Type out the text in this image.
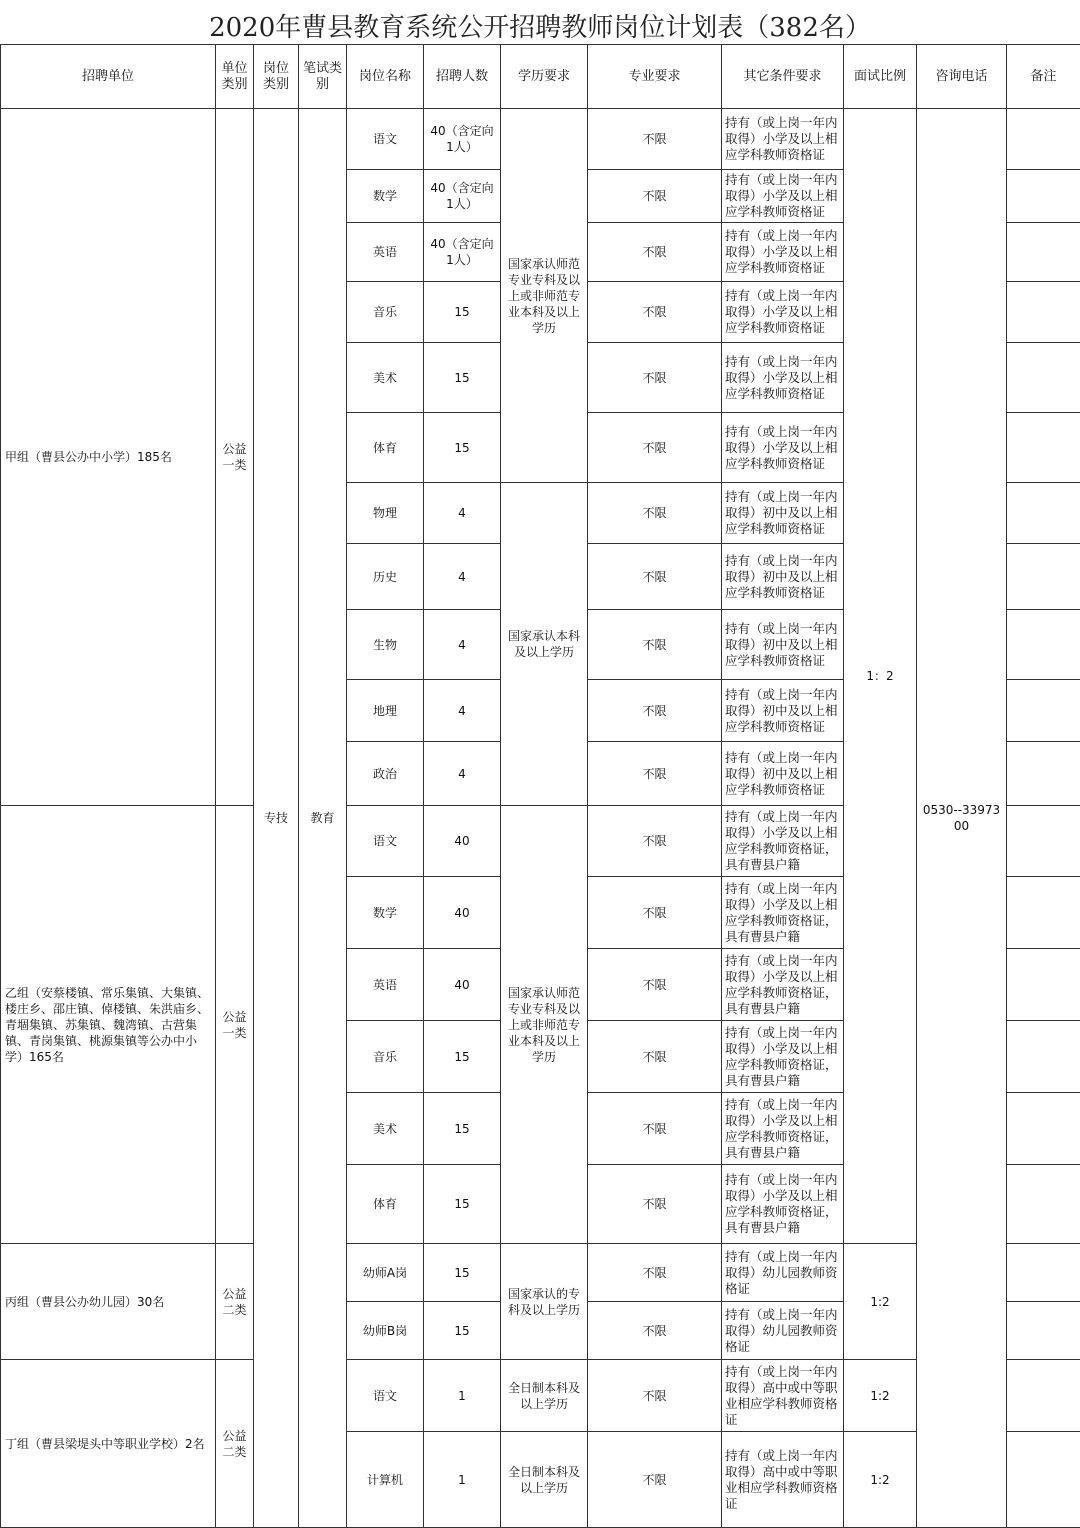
2020年曹县教育系统公开招聘教师岗位计划表（382名）
招聘单位	单位类别	岗位类别	笔试类别	岗位名称	招聘人数	学历要求	专业要求	其它条件要求	面试比例	咨询电话	备注
甲组（曹县公办中小学）185名	公益一类	专技	教育	语文	40（含定向1人）	国家承认师范专业专科及以上或非师范专业本科及以上学历	不限	持有（或上岗一年内取得）小学及以上相应学科教师资格证	1：2	0530--3397300	
				数学	40（含定向1人）		不限	持有（或上岗一年内取得）小学及以上相应学科教师资格证			
				英语	40（含定向1人）		不限	持有（或上岗一年内取得）小学及以上相应学科教师资格证			
				音乐	15		不限	持有（或上岗一年内取得）小学及以上相应学科教师资格证			
				美术	15		不限	持有（或上岗一年内取得）小学及以上相应学科教师资格证			
				体育	15		不限	持有（或上岗一年内取得）小学及以上相应学科教师资格证			
				物理	4	国家承认本科及以上学历	不限	持有（或上岗一年内取得）初中及以上相应学科教师资格证			
				历史	4		不限	持有（或上岗一年内取得）初中及以上相应学科教师资格证			
				生物	4		不限	持有（或上岗一年内取得）初中及以上相应学科教师资格证			
				地理	4		不限	持有（或上岗一年内取得）初中及以上相应学科教师资格证			
				政治	4		不限	持有（或上岗一年内取得）初中及以上相应学科教师资格证			
乙组（安蔡楼镇、常乐集镇、大集镇、楼庄乡、邵庄镇、倬楼镇、朱洪庙乡、青堌集镇、苏集镇、魏湾镇、古营集镇、青岗集镇、桃源集镇等公办中小学）165名	公益一类			语文	40	国家承认师范专业专科及以上或非师范专业本科及以上学历	不限	持有（或上岗一年内取得）小学及以上相应学科教师资格证，具有曹县户籍			
				数学	40		不限	持有（或上岗一年内取得）小学及以上相应学科教师资格证，具有曹县户籍			
				英语	40		不限	持有（或上岗一年内取得）小学及以上相应学科教师资格证，具有曹县户籍			
				音乐	15		不限	持有（或上岗一年内取得）小学及以上相应学科教师资格证，具有曹县户籍			
				美术	15		不限	持有（或上岗一年内取得）小学及以上相应学科教师资格证，具有曹县户籍			
				体育	15		不限	持有（或上岗一年内取得）小学及以上相应学科教师资格证，具有曹县户籍			
丙组（曹县公办幼儿园）30名	公益二类			幼师A岗	15	国家承认的专科及以上学历	不限	持有（或上岗一年内取得）幼儿园教师资格证	1:2		
				幼师B岗	15		不限	持有（或上岗一年内取得）幼儿园教师资格证			
丁组（曹县梁堤头中等职业学校）2名	公益二类			语文	1	全日制本科及以上学历	不限	持有（或上岗一年内取得）高中或中等职业相应学科教师资格证	1:2		
				计算机	1	全日制本科及以上学历	不限	持有（或上岗一年内取得）高中或中等职业相应学科教师资格证	1:2		
